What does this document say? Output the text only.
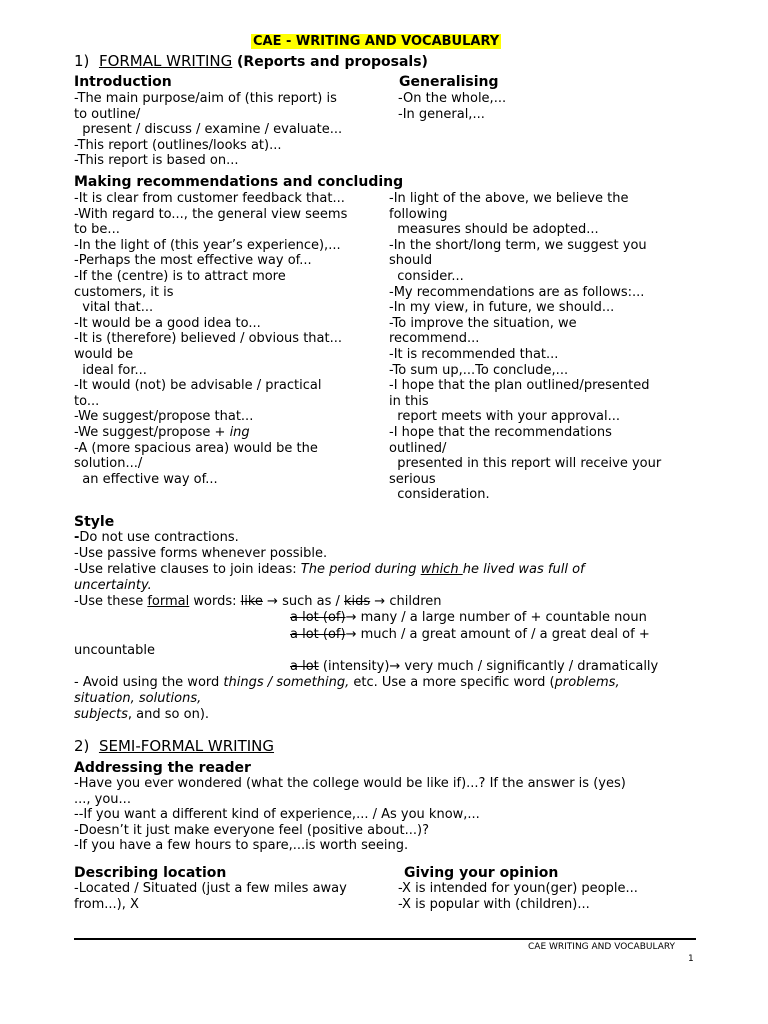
CAE - WRITING AND VOCABULARY
1) FORMAL WRITING (Reports and proposals)
Introduction
-The main purpose/aim of (this report) is
to outline/
present / discuss / examine / evaluate...
-This report (outlines/looks at)...
-This report is based on...
Generalising
-On the whole,...
-In general,...
Making recommendations and concluding
-It is clear from customer feedback that...
-With regard to..., the general view seems
to be...
-In the light of (this year’s experience),...
-Perhaps the most effective way of...
-If the (centre) is to attract more
customers, it is
vital that...
-It would be a good idea to...
-It is (therefore) believed / obvious that...
would be
ideal for...
-It would (not) be advisable / practical
to...
-We suggest/propose that...
-We suggest/propose + ing
-A (more spacious area) would be the
solution.../
an effective way of...
-In light of the above, we believe the
following
measures should be adopted...
-In the short/long term, we suggest you
should
consider...
-My recommendations are as follows:...
-In my view, in future, we should...
-To improve the situation, we
recommend...
-It is recommended that...
-To sum up,...To conclude,...
-I hope that the plan outlined/presented
in this
report meets with your approval...
-I hope that the recommendations
outlined/
presented in this report will receive your
serious
consideration.
Style
-Do not use contractions.
-Use passive forms whenever possible.
-Use relative clauses to join ideas: The period during which he lived was full of
uncertainty.
-Use these formal words: like → such as / kids → children
a lot (of)→ many / a large number of + countable noun
a lot (of)→ much / a great amount of / a great deal of +
uncountable
a lot (intensity)→ very much / significantly / dramatically
- Avoid using the word things / something, etc. Use a more specific word (problems,
situation, solutions,
subjects, and so on).
2) SEMI-FORMAL WRITING
Addressing the reader
-Have you ever wondered (what the college would be like if)...? If the answer is (yes)
..., you...
--If you want a different kind of experience,... / As you know,...
-Doesn’t it just make everyone feel (positive about...)?
-If you have a few hours to spare,...is worth seeing.
Describing location
-Located / Situated (just a few miles away
from...), X
Giving your opinion
-X is intended for youn(ger) people...
-X is popular with (children)...
CAE WRITING AND VOCABULARY
1
